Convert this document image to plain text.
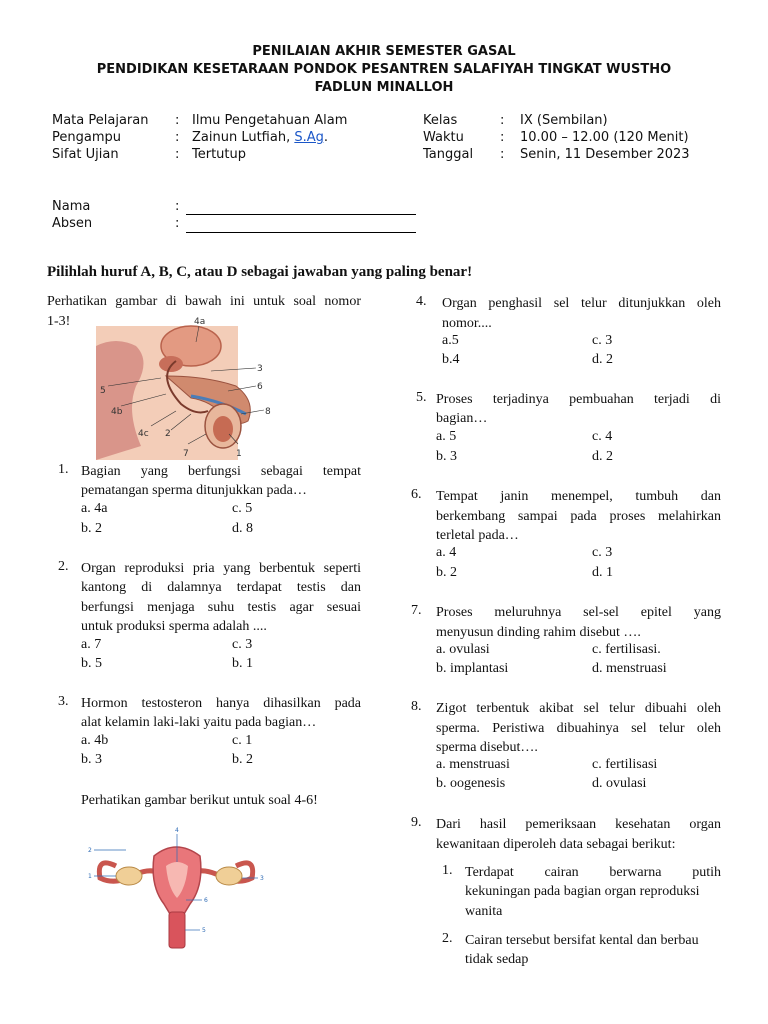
PENILAIAN AKHIR SEMESTER GASAL
PENDIDIKAN KESETARAAN PONDOK PESANTREN SALAFIYAH TINGKAT WUSTHO
FADLUN MINALLOH
Mata Pelajaran : Ilmu Pengetahuan Alam
Pengampu	: Zainun Lutfiah, S.Ag.
Sifat Ujian	: Tertutup
Kelas	: IX (Sembilan)
Waktu	: 10.00 – 12.00 (120 Menit)
Tanggal : Senin, 11 Desember 2023
Nama	:
Absen	:
Pilihlah huruf A, B, C, atau D sebagai jawaban yang paling benar!
Perhatikan gambar di bawah ini untuk soal nomor
1-3!	4a
3
5	6
4b	8
4c 2
7	1
1. Bagian yang berfungsi sebagai tempat
pematangan sperma ditunjukkan pada…
a. 4a	c. 5
b. 2	d. 8
2. Organ reproduksi pria yang berbentuk seperti
kantong di dalamnya terdapat testis dan
berfungsi menjaga suhu testis agar sesuai
untuk produksi sperma adalah ....
a. 7	c. 3
b. 5	b. 1
3. Hormon testosteron hanya dihasilkan pada
alat kelamin laki-laki yaitu pada bagian…
a. 4b	c. 1
b. 3	b. 2
Perhatikan gambar berikut untuk soal 4-6!
4
2
1	3
6
5
4. Organ penghasil sel telur ditunjukkan oleh
nomor....
a.5	c. 3
b.4	d. 2
5. Proses terjadinya pembuahan terjadi di
bagian…
a. 5	c. 4
b. 3	d. 2
6. Tempat janin menempel, tumbuh dan
berkembang sampai pada proses melahirkan
terletal pada…
a. 4	c. 3
b. 2	d. 1
7. Proses meluruhnya sel-sel epitel yang
menyusun dinding rahim disebut ….
a. ovulasi	c. fertilisasi.
b. implantasi	d. menstruasi
8. Zigot terbentuk akibat sel telur dibuahi oleh
sperma. Peristiwa dibuahinya sel telur oleh
sperma disebut….
a. menstruasi	c. fertilisasi
b. oogenesis	d. ovulasi
9. Dari hasil pemeriksaan kesehatan organ
kewanitaan diperoleh data sebagai berikut:
1. Terdapat cairan berwarna putih
kekuningan pada bagian organ reproduksi
wanita
2. Cairan tersebut bersifat kental dan berbau
tidak sedap
